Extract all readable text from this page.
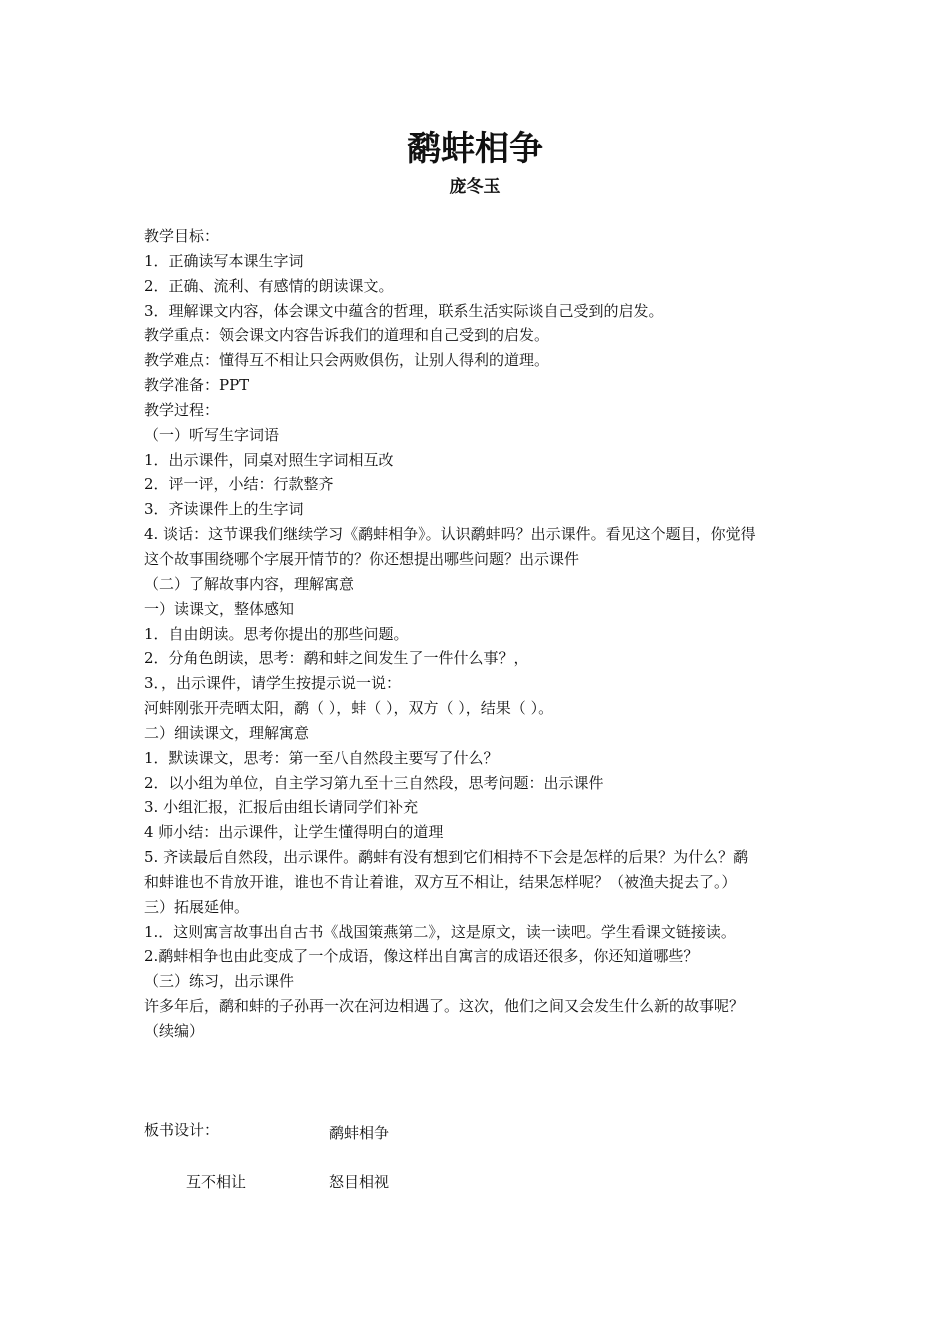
鹬蚌相争
庞冬玉
教学目标：
1．正确读写本课生字词
2．正确、流利、有感情的朗读课文。
3．理解课文内容，体会课文中蕴含的哲理，联系生活实际谈自己受到的启发。
教学重点：领会课文内容告诉我们的道理和自己受到的启发。
教学难点：懂得互不相让只会两败俱伤，让别人得利的道理。
教学准备：PPT
教学过程：
（一）听写生字词语
1．出示课件，同桌对照生字词相互改
2．评一评，小结：行款整齐
3．齐读课件上的生字词
4. 谈话：这节课我们继续学习《鹬蚌相争》。认识鹬蚌吗？出示课件。看见这个题目，你觉得
这个故事围绕哪个字展开情节的？你还想提出哪些问题？出示课件
（二）了解故事内容，理解寓意
一）读课文，整体感知
1．自由朗读。思考你提出的那些问题。
2．分角色朗读，思考：鹬和蚌之间发生了一件什么事？，
3．，出示课件，请学生按提示说一说：
河蚌刚张开壳晒太阳，鹬（ ），蚌（ ），双方（ ），结果（ ）。
二）细读课文，理解寓意
1．默读课文，思考：第一至八自然段主要写了什么？
2．以小组为单位，自主学习第九至十三自然段，思考问题：出示课件
3. 小组汇报，汇报后由组长请同学们补充
4 师小结：出示课件，让学生懂得明白的道理
5. 齐读最后自然段，出示课件。鹬蚌有没有想到它们相持不下会是怎样的后果？为什么？鹬
和蚌谁也不肯放开谁，谁也不肯让着谁，双方互不相让，结果怎样呢？（被渔夫捉去了。）
三）拓展延伸。
1.．这则寓言故事出自古书《战国策燕第二》，这是原文，读一读吧。学生看课文链接读。
2.鹬蚌相争也由此变成了一个成语，像这样出自寓言的成语还很多，你还知道哪些？
（三）练习，出示课件
许多年后，鹬和蚌的子孙再一次在河边相遇了。这次，他们之间又会发生什么新的故事呢？
（续编）
板书设计：	鹬蚌相争
互不相让	怒目相视
